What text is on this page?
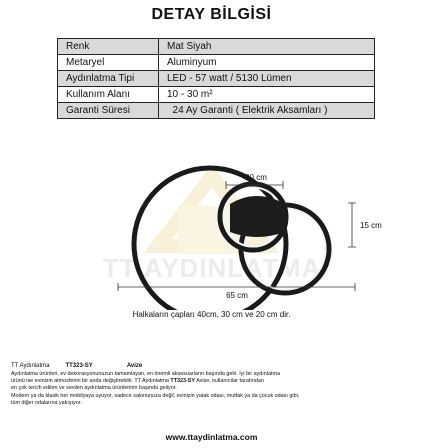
DETAY BİLGİSİ
Renk	Mat Siyah
Metaryel	Aluminyum
Aydınlatma Tipi	LED - 57 watt / 5130 Lümen
Kullanım Alanı	10 - 30 m²
Garanti Süresi	24 Ay Garanti ( Elektrik Aksamları )
TT AYDINLATMA
20 cm
15 cm
65 cm
Halkaların çapları 40cm, 30 cm ve 20 cm dir.
TT Aydınlatma	TT323-SY	Avize
Aydınlatma ürünleri, ev dekorasyonunuzun tamamlayan, en önemli aksesuarların başında gelir. İyi bir aydınlatma
ürünü ise evinizin atmosferini bir anda değiştirebilir. TT Aydınlatma TT323-SY Avize, kullanıcılar tarafından
en çok tercih edilen ve sevilen aydınlatma ürünlerinin başında geliyor.
Modern ya da klasik her mobilyaya uyuyor, sadece salonunuza değil, evinizin yatak odası, mutfak ya da çocuk odası gibi,
tüm diğer odalarına yakışıyor.
www.ttaydinlatma.com
